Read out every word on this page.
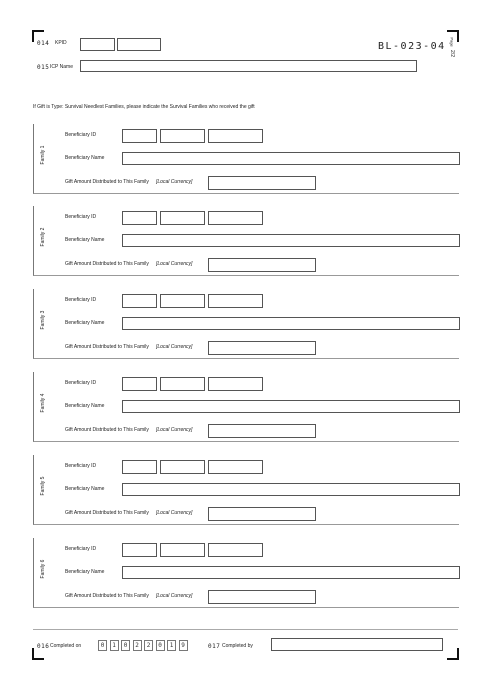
014 KPID	BL-023-04 Page
2/2
015 ICP Name
If Gift is Type: Survival Needlest Families, please indicate the Survival Families who received the gift
Family 1
Beneficiary ID
Beneficiary Name
Gift Amount Distributed to This Family [Local Currency]
Family 2
Beneficiary ID
Beneficiary Name
Gift Amount Distributed to This Family [Local Currency]
Family 3
Beneficiary ID
Beneficiary Name
Gift Amount Distributed to This Family [Local Currency]
Family 4
Beneficiary ID
Beneficiary Name
Gift Amount Distributed to This Family [Local Currency]
Family 5
Beneficiary ID
Beneficiary Name
Gift Amount Distributed to This Family [Local Currency]
Family 6
Beneficiary ID
Beneficiary Name
Gift Amount Distributed to This Family [Local Currency]
016 Completed on	0	1	0	2	2	0	1	9	017 Completed by
